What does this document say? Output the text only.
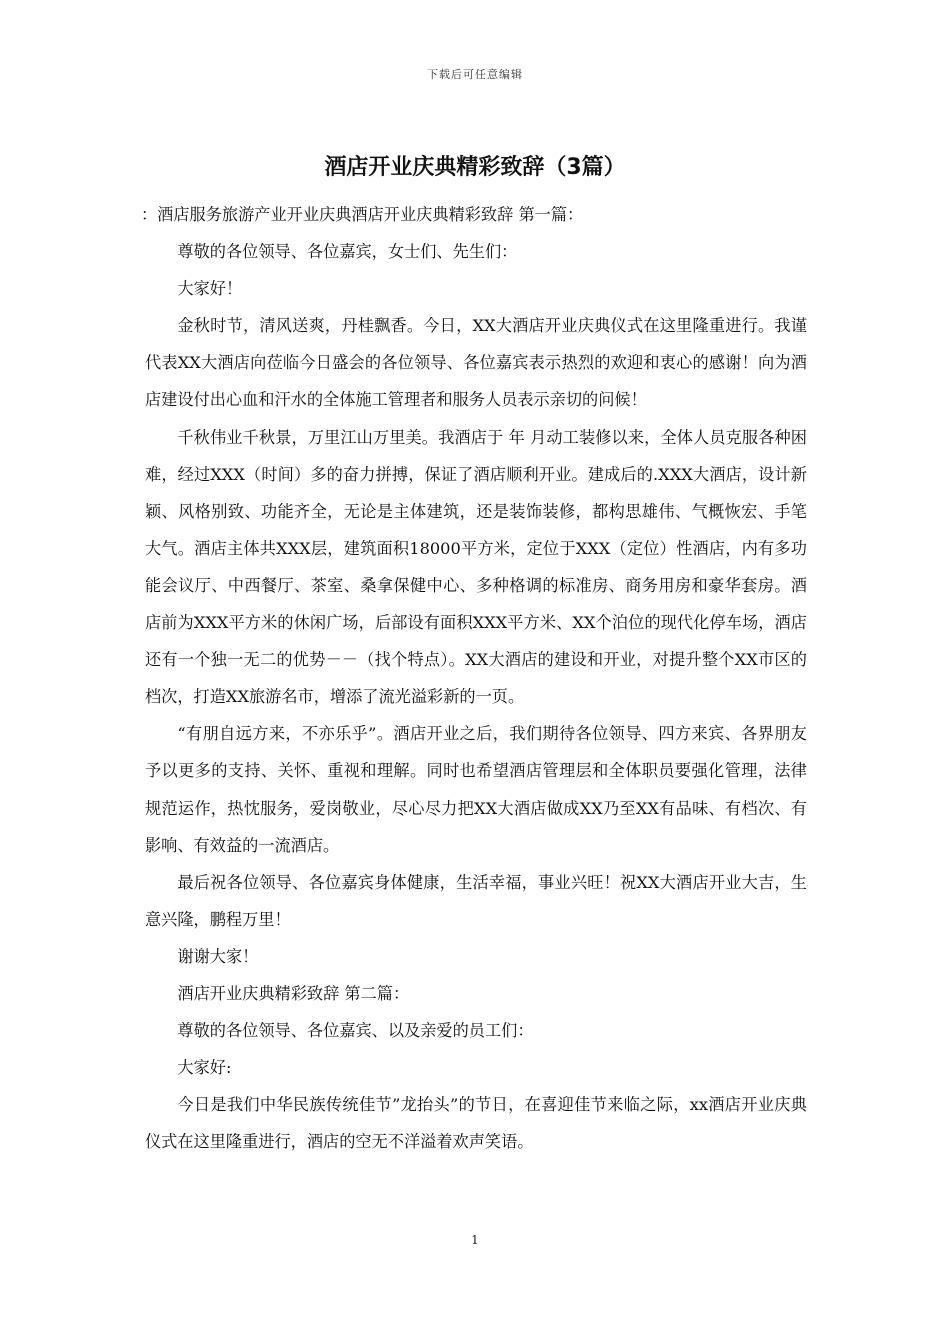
下载后可任意编辑
酒店开业庆典精彩致辞（3篇）

：酒店服务旅游产业开业庆典酒店开业庆典精彩致辞 第一篇：

尊敬的各位领导、各位嘉宾，女士们、先生们：

大家好！

金秋时节，清风送爽，丹桂飘香。今日，XX大酒店开业庆典仪式在这里隆重进行。我谨代表XX大酒店向莅临今日盛会的各位领导、各位嘉宾表示热烈的欢迎和衷心的感谢！向为酒店建设付出心血和汗水的全体施工管理者和服务人员表示亲切的问候！

千秋伟业千秋景，万里江山万里美。我酒店于 年 月动工装修以来，全体人员克服各种困难，经过XXX（时间）多的奋力拼搏，保证了酒店顺利开业。建成后的.XXX大酒店，设计新颖、风格别致、功能齐全，无论是主体建筑，还是装饰装修，都构思雄伟、气概恢宏、手笔大气。酒店主体共XXX层，建筑面积18000平方米，定位于XXX（定位）性酒店，内有多功能会议厅、中西餐厅、茶室、桑拿保健中心、多种格调的标准房、商务用房和豪华套房。酒店前为XXX平方米的休闲广场，后部设有面积XXX平方米、XX个泊位的现代化停车场，酒店还有一个独一无二的优势－－（找个特点）。XX大酒店的建设和开业，对提升整个XX市区的档次，打造XX旅游名市，增添了流光溢彩新的一页。

“有朋自远方来，不亦乐乎”。酒店开业之后，我们期待各位领导、四方来宾、各界朋友予以更多的支持、关怀、重视和理解。同时也希望酒店管理层和全体职员要强化管理，法律规范运作，热忱服务，爱岗敬业，尽心尽力把XX大酒店做成XX乃至XX有品味、有档次、有影响、有效益的一流酒店。

最后祝各位领导、各位嘉宾身体健康，生活幸福，事业兴旺！祝XX大酒店开业大吉，生意兴隆，鹏程万里！

谢谢大家！

酒店开业庆典精彩致辞 第二篇：

尊敬的各位领导、各位嘉宾、以及亲爱的员工们：

大家好:

今日是我们中华民族传统佳节”龙抬头”的节日，在喜迎佳节来临之际，xx酒店开业庆典仪式在这里隆重进行，酒店的空无不洋溢着欢声笑语。

1
